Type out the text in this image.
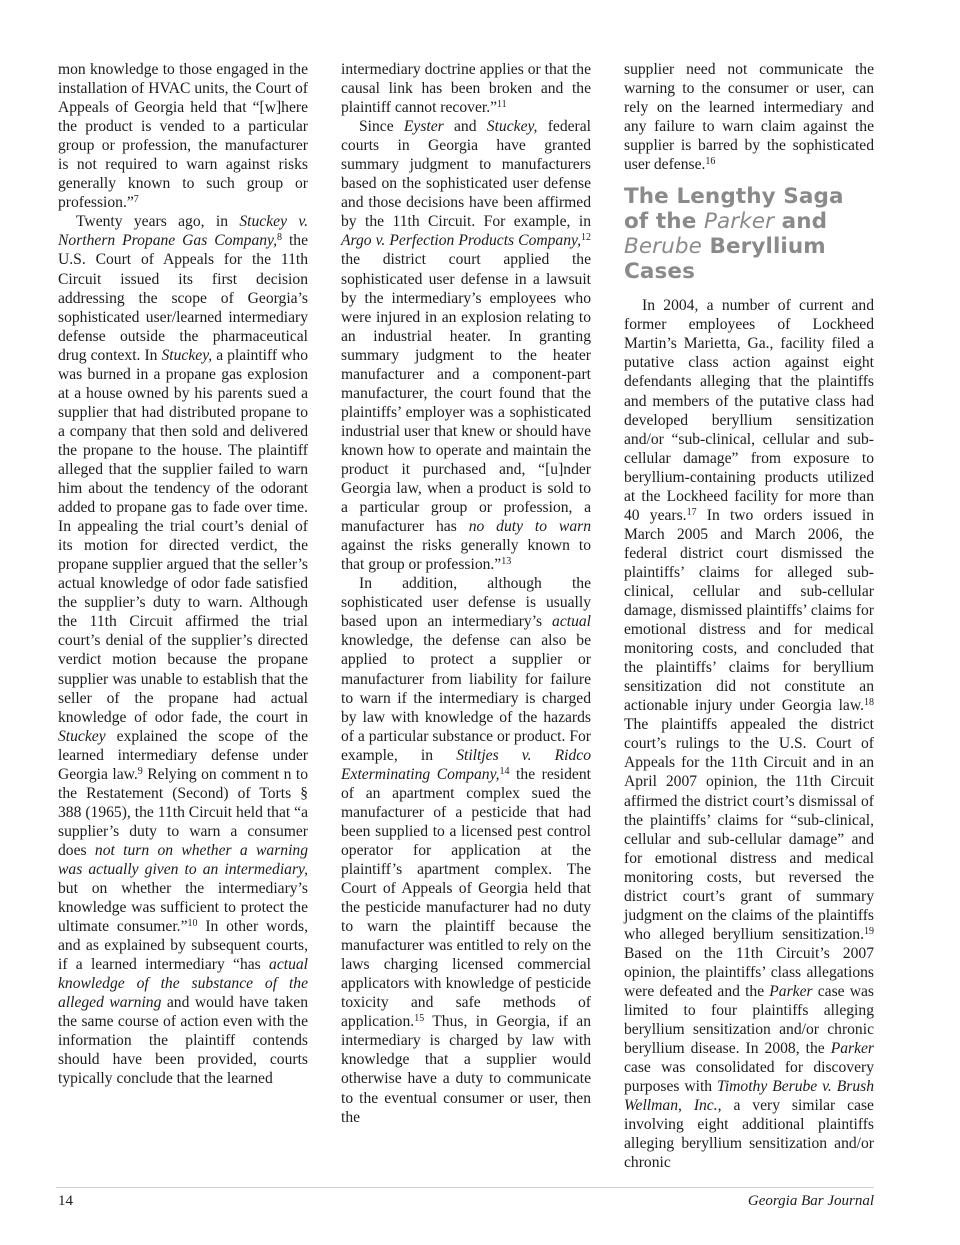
mon knowledge to those engaged in the installation of HVAC units, the Court of Appeals of Georgia held that “[w]here the product is vended to a particular group or profession, the manufacturer is not required to warn against risks generally known to such group or profession.”$^7$

Twenty years ago, in Stuckey v. Northern Propane Gas Company,$^8$ the U.S. Court of Appeals for the 11th Circuit issued its first decision addressing the scope of Georgia’s sophisticated user/learned intermediary defense outside the pharmaceutical drug context. In Stuckey, a plaintiff who was burned in a propane gas explosion at a house owned by his parents sued a supplier that had distributed propane to a company that then sold and delivered the propane to the house. The plaintiff alleged that the supplier failed to warn him about the tendency of the odorant added to propane gas to fade over time. In appealing the trial court’s denial of its motion for directed verdict, the propane supplier argued that the seller’s actual knowledge of odor fade satisfied the supplier’s duty to warn. Although the 11th Circuit affirmed the trial court’s denial of the supplier’s directed verdict motion because the propane supplier was unable to establish that the seller of the propane had actual knowledge of odor fade, the court in Stuckey explained the scope of the learned intermediary defense under Georgia law.$^9$ Relying on comment n to the Restatement (Second) of Torts § 388 (1965), the 11th Circuit held that “a supplier’s duty to warn a consumer does not turn on whether a warning was actually given to an intermediary, but on whether the intermediary’s knowledge was sufficient to protect the ultimate consumer.”$^{10}$ In other words, and as explained by subsequent courts, if a learned intermediary “has actual knowledge of the substance of the alleged warning and would have taken the same course of action even with the information the plaintiff contends should have been provided, courts typically conclude that the learned

intermediary doctrine applies or that the causal link has been broken and the plaintiff cannot recover.”$^{11}$

Since Eyster and Stuckey, federal courts in Georgia have granted summary judgment to manufacturers based on the sophisticated user defense and those decisions have been affirmed by the 11th Circuit. For example, in Argo v. Perfection Products Company,$^{12}$ the district court applied the sophisticated user defense in a lawsuit by the intermediary’s employees who were injured in an explosion relating to an industrial heater. In granting summary judgment to the heater manufacturer and a component-part manufacturer, the court found that the plaintiffs’ employer was a sophisticated industrial user that knew or should have known how to operate and maintain the product it purchased and, “[u]nder Georgia law, when a product is sold to a particular group or profession, a manufacturer has no duty to warn against the risks generally known to that group or profession.”$^{13}$

In addition, although the sophisticated user defense is usually based upon an intermediary’s actual knowledge, the defense can also be applied to protect a supplier or manufacturer from liability for failure to warn if the intermediary is charged by law with knowledge of the hazards of a particular substance or product. For example, in Stiltjes v. Ridco Exterminating Company,$^{14}$ the resident of an apartment complex sued the manufacturer of a pesticide that had been supplied to a licensed pest control operator for application at the plaintiff’s apartment complex. The Court of Appeals of Georgia held that the pesticide manufacturer had no duty to warn the plaintiff because the manufacturer was entitled to rely on the laws charging licensed commercial applicators with knowledge of pesticide toxicity and safe methods of application.$^{15}$ Thus, in Georgia, if an intermediary is charged by law with knowledge that a supplier would otherwise have a duty to communicate to the eventual consumer or user, then the

supplier need not communicate the warning to the consumer or user, can rely on the learned intermediary and any failure to warn claim against the supplier is barred by the sophisticated user defense.$^{16}$

The Lengthy Saga of the Parker and Berube Beryllium Cases

In 2004, a number of current and former employees of Lockheed Martin’s Marietta, Ga., facility filed a putative class action against eight defendants alleging that the plaintiffs and members of the putative class had developed beryllium sensitization and/or “sub-clinical, cellular and sub-cellular damage” from exposure to beryllium-containing products utilized at the Lockheed facility for more than 40 years.$^{17}$ In two orders issued in March 2005 and March 2006, the federal district court dismissed the plaintiffs’ claims for alleged sub-clinical, cellular and sub-cellular damage, dismissed plaintiffs’ claims for emotional distress and for medical monitoring costs, and concluded that the plaintiffs’ claims for beryllium sensitization did not constitute an actionable injury under Georgia law.$^{18}$ The plaintiffs appealed the district court’s rulings to the U.S. Court of Appeals for the 11th Circuit and in an April 2007 opinion, the 11th Circuit affirmed the district court’s dismissal of the plaintiffs’ claims for “sub-clinical, cellular and sub-cellular damage” and for emotional distress and medical monitoring costs, but reversed the district court’s grant of summary judgment on the claims of the plaintiffs who alleged beryllium sensitization.$^{19}$ Based on the 11th Circuit’s 2007 opinion, the plaintiffs’ class allegations were defeated and the Parker case was limited to four plaintiffs alleging beryllium sensitization and/or chronic beryllium disease. In 2008, the Parker case was consolidated for discovery purposes with Timothy Berube v. Brush Wellman, Inc., a very similar case involving eight additional plaintiffs alleging beryllium sensitization and/or chronic

14	Georgia Bar Journal
